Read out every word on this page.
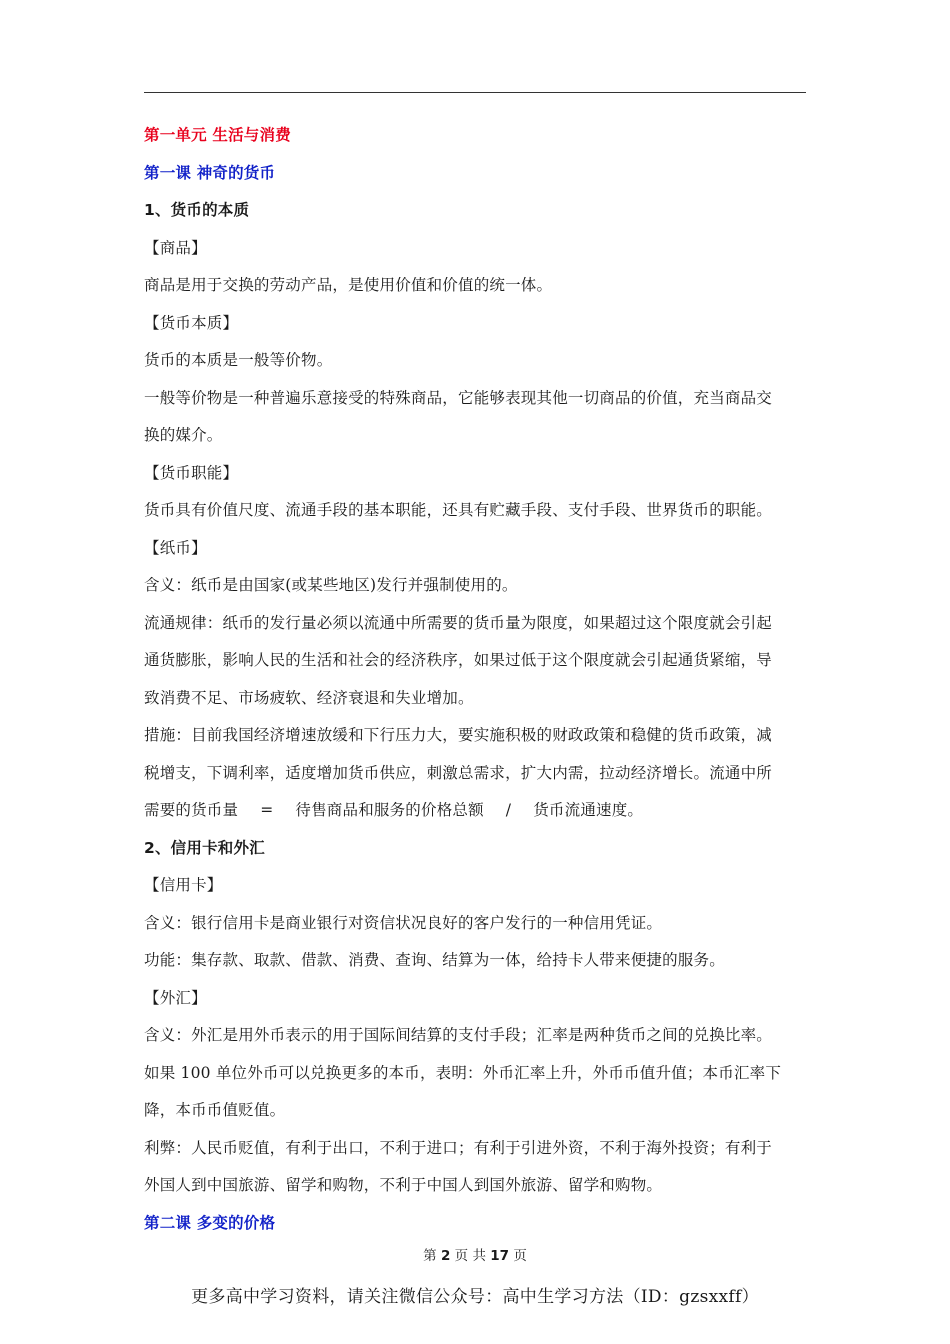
第一单元 生活与消费
第一课 神奇的货币
1、货币的本质
【商品】
商品是用于交换的劳动产品，是使用价值和价值的统一体。
【货币本质】
货币的本质是一般等价物。
一般等价物是一种普遍乐意接受的特殊商品，它能够表现其他一切商品的价值，充当商品交
换的媒介。
【货币职能】
货币具有价值尺度、流通手段的基本职能，还具有贮藏手段、支付手段、世界货币的职能。
【纸币】
含义：纸币是由国家(或某些地区)发行并强制使用的。
流通规律：纸币的发行量必须以流通中所需要的货币量为限度，如果超过这个限度就会引起
通货膨胀，影响人民的生活和社会的经济秩序，如果过低于这个限度就会引起通货紧缩，导
致消费不足、市场疲软、经济衰退和失业增加。
措施：目前我国经济增速放缓和下行压力大，要实施积极的财政政策和稳健的货币政策，减
税增支，下调利率，适度增加货币供应，刺激总需求，扩大内需，拉动经济增长。流通中所
需要的货币量 = 待售商品和服务的价格总额 / 货币流通速度。
2、信用卡和外汇
【信用卡】
含义：银行信用卡是商业银行对资信状况良好的客户发行的一种信用凭证。
功能：集存款、取款、借款、消费、查询、结算为一体，给持卡人带来便捷的服务。
【外汇】
含义：外汇是用外币表示的用于国际间结算的支付手段；汇率是两种货币之间的兑换比率。
如果 100 单位外币可以兑换更多的本币，表明：外币汇率上升，外币币值升值；本币汇率下
降，本币币值贬值。
利弊：人民币贬值，有利于出口，不利于进口；有利于引进外资，不利于海外投资；有利于
外国人到中国旅游、留学和购物，不利于中国人到国外旅游、留学和购物。
第二课 多变的价格
第 2 页 共 17 页
更多高中学习资料，请关注微信公众号：高中生学习方法（ID：gzsxxff）
